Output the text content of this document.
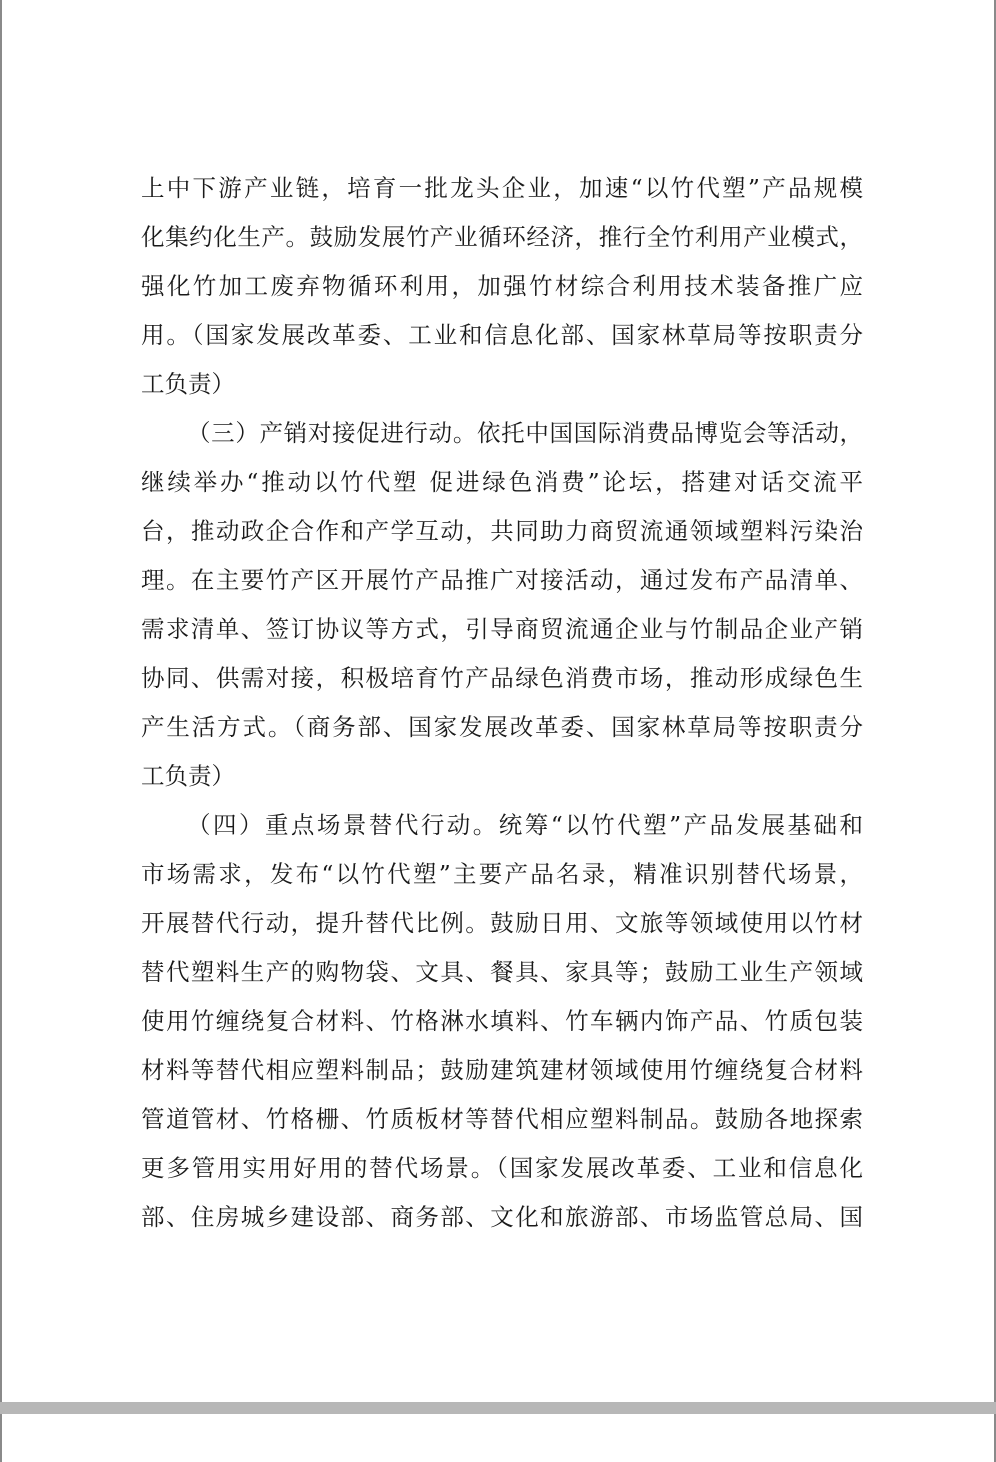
上中下游产业链，培育一批龙头企业，加速“以竹代塑”产品规模
化集约化生产。鼓励发展竹产业循环经济，推行全竹利用产业模式，
强化竹加工废弃物循环利用，加强竹材综合利用技术装备推广应
用。（国家发展改革委、工业和信息化部、国家林草局等按职责分
工负责）
（三）产销对接促进行动。依托中国国际消费品博览会等活动，
继续举办“推动以竹代塑 促进绿色消费”论坛，搭建对话交流平
台，推动政企合作和产学互动，共同助力商贸流通领域塑料污染治
理。在主要竹产区开展竹产品推广对接活动，通过发布产品清单、
需求清单、签订协议等方式，引导商贸流通企业与竹制品企业产销
协同、供需对接，积极培育竹产品绿色消费市场，推动形成绿色生
产生活方式。（商务部、国家发展改革委、国家林草局等按职责分
工负责）
（四）重点场景替代行动。统筹“以竹代塑”产品发展基础和
市场需求，发布“以竹代塑”主要产品名录，精准识别替代场景，
开展替代行动，提升替代比例。鼓励日用、文旅等领域使用以竹材
替代塑料生产的购物袋、文具、餐具、家具等；鼓励工业生产领域
使用竹缠绕复合材料、竹格淋水填料、竹车辆内饰产品、竹质包装
材料等替代相应塑料制品；鼓励建筑建材领域使用竹缠绕复合材料
管道管材、竹格栅、竹质板材等替代相应塑料制品。鼓励各地探索
更多管用实用好用的替代场景。（国家发展改革委、工业和信息化
部、住房城乡建设部、商务部、文化和旅游部、市场监管总局、国
